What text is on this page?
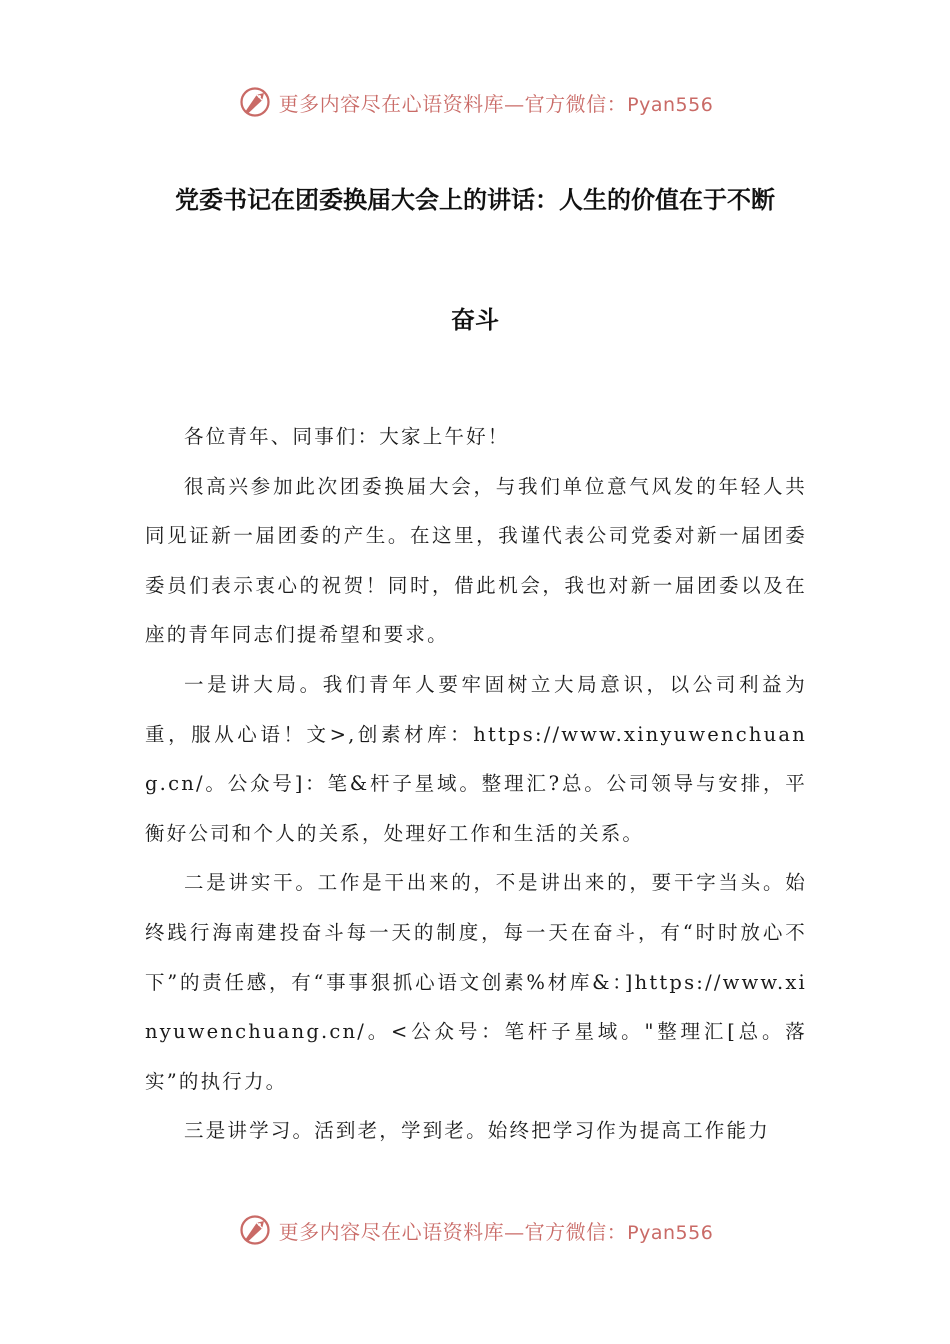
更多内容尽在心语资料库—官方微信：Pyan556
党委书记在团委换届大会上的讲话：人生的价值在于不断
奋斗

各位青年、同事们：大家上午好！

很高兴参加此次团委换届大会，与我们单位意气风发的年轻人共同见证新一届团委的产生。在这里，我谨代表公司党委对新一届团委委员们表示衷心的祝贺！同时，借此机会，我也对新一届团委以及在座的青年同志们提希望和要求。

一是讲大局。我们青年人要牢固树立大局意识，以公司利益为重，服从心语！文>,创素材库：https://www.xinyuwenchuang.cn/。公众号]：笔&杆子星域。整理汇?总。公司领导与安排，平衡好公司和个人的关系，处理好工作和生活的关系。

二是讲实干。工作是干出来的，不是讲出来的，要干字当头。始终践行海南建投奋斗每一天的制度，每一天在奋斗，有“时时放心不下”的责任感，有“事事狠抓心语文创素%材库&：]https://www.xinyuwenchuang.cn/。<公众号：笔杆子星域。"整理汇[总。落实”的执行力。

三是讲学习。活到老，学到老。始终把学习作为提高工作能力

更多内容尽在心语资料库—官方微信：Pyan556
